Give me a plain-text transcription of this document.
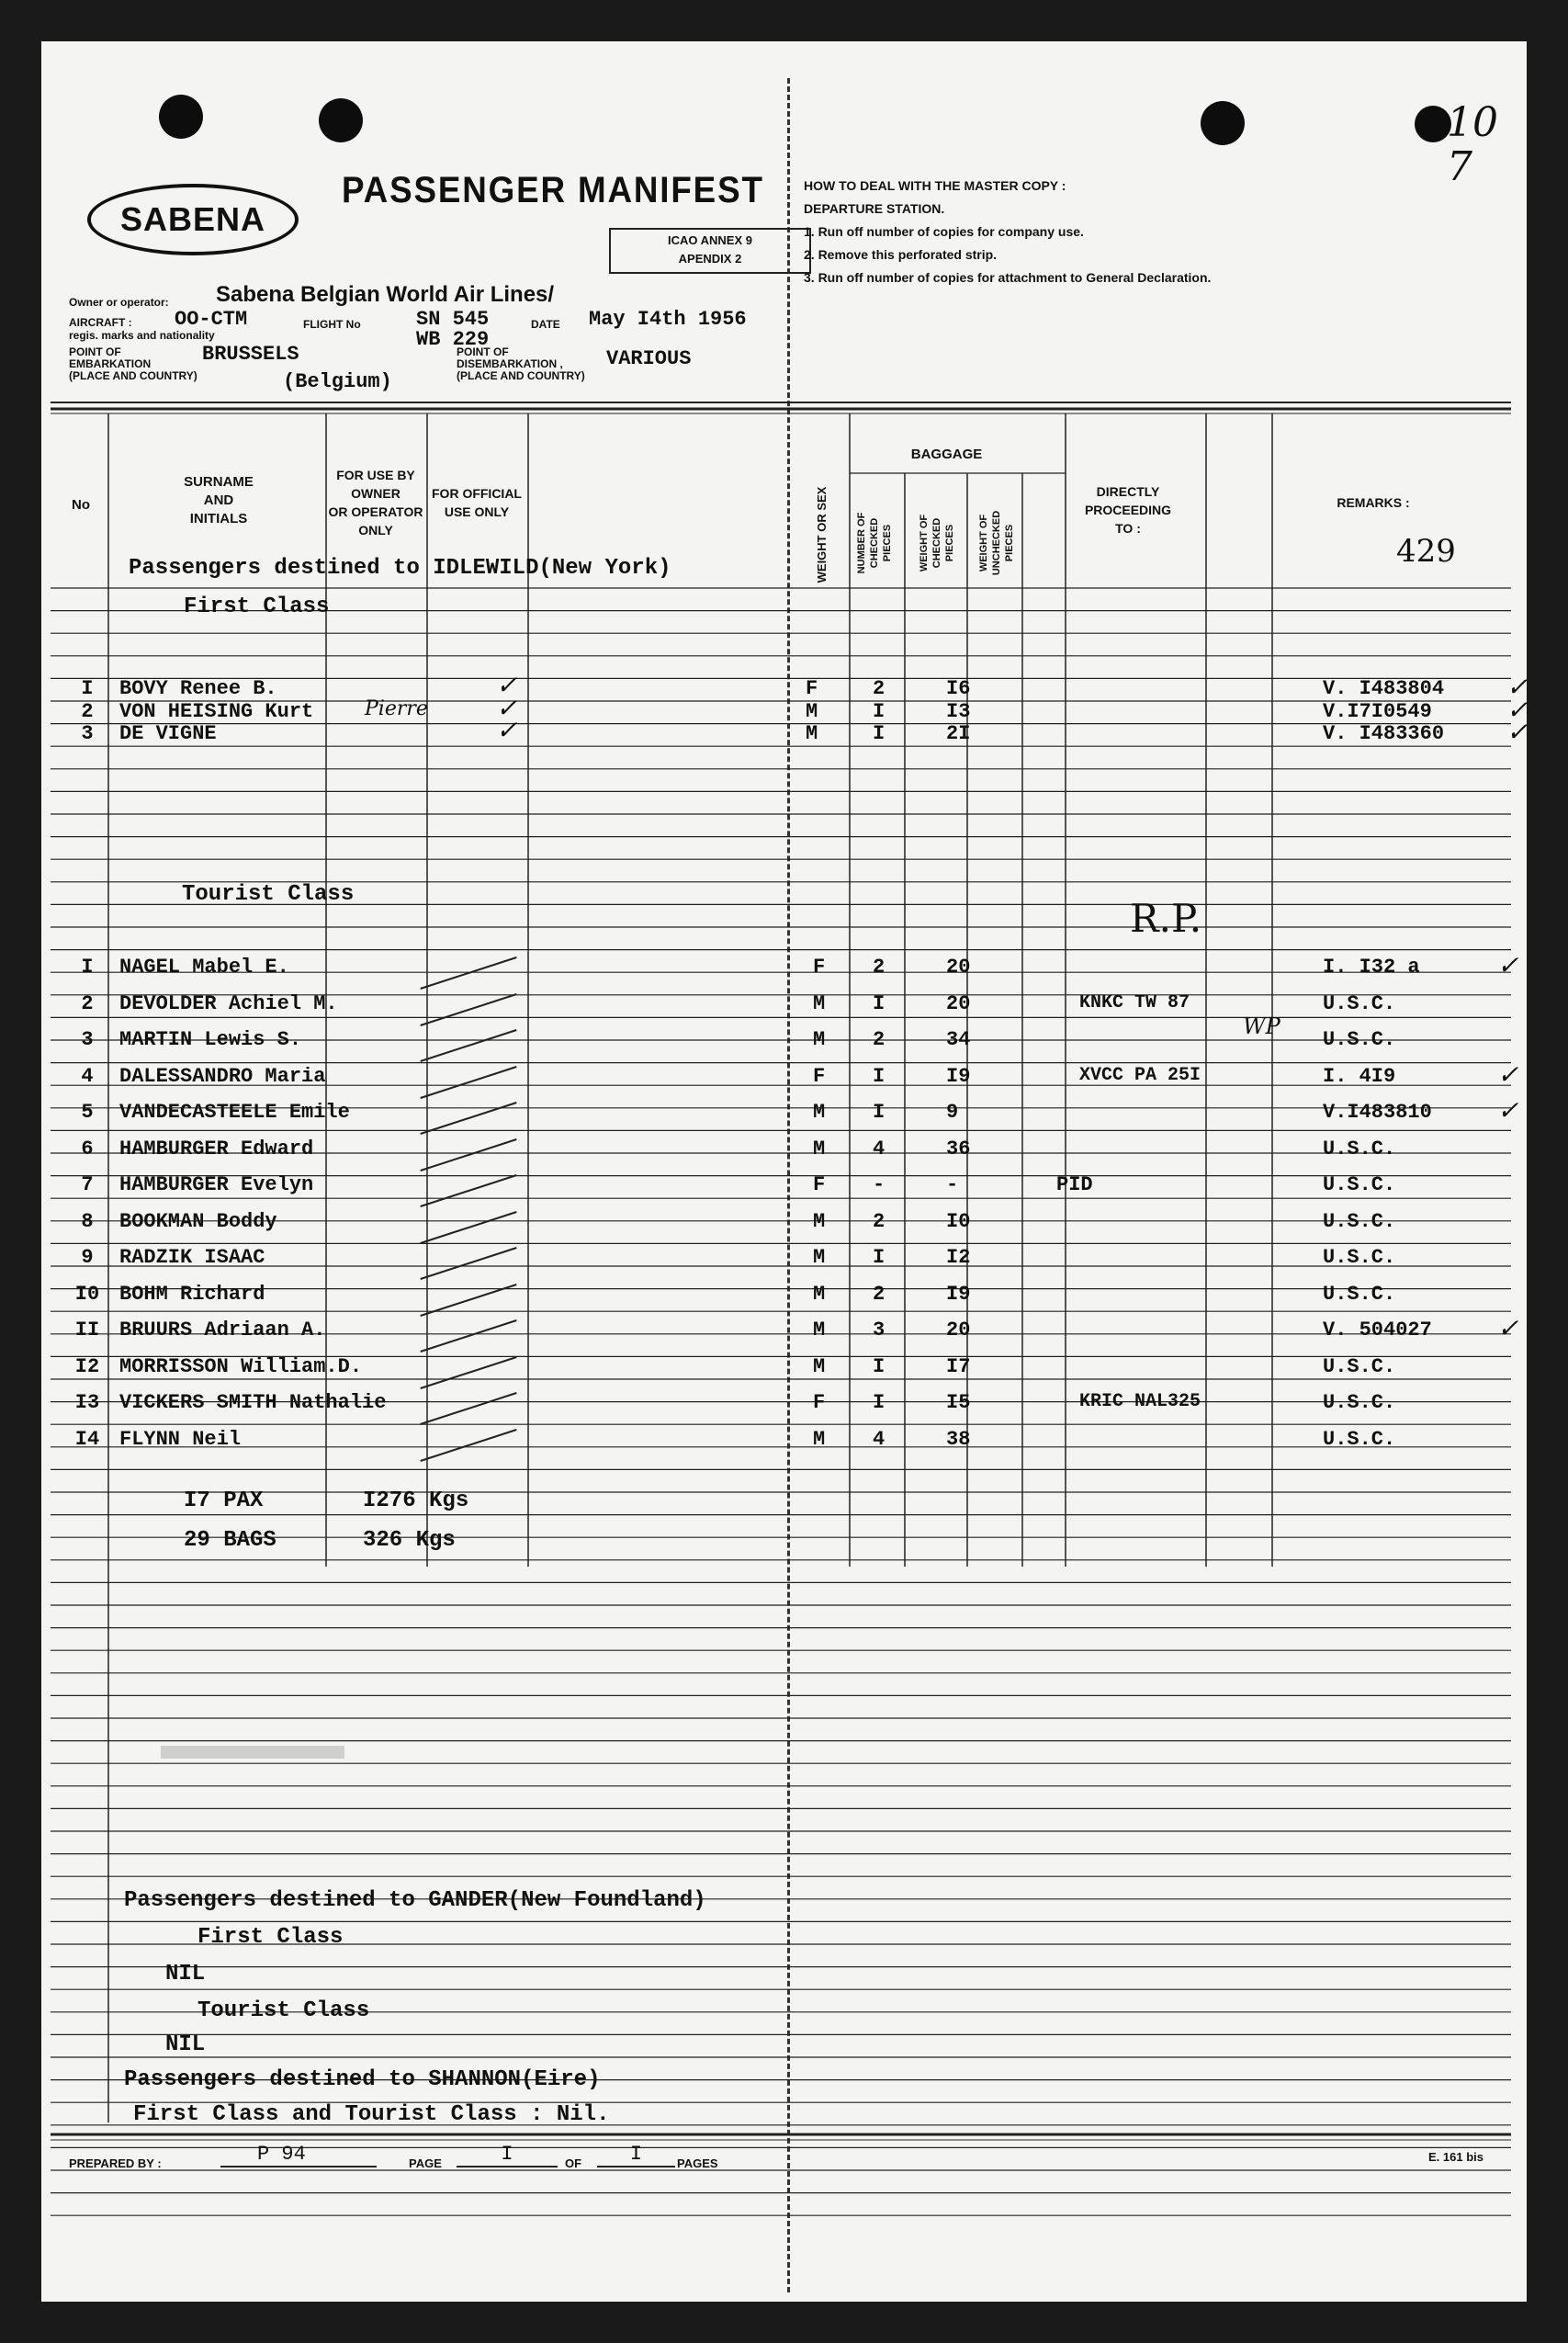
10
7
SABENA
PASSENGER MANIFEST
ICAO ANNEX 9
APENDIX 2
HOW TO DEAL WITH THE MASTER COPY :
DEPARTURE STATION.
1. Run off number of copies for company use.
2. Remove this perforated strip.
3. Run off number of copies for attachment to General Declaration.
Owner or operator: Sabena Belgian World Air Lines/
AIRCRAFT :
regis. marks and nationality
OO-CTM	FLIGHT No	SN 545
WB 229
DATE May I4th 1956
POINT OF
EMBARKATION
(PLACE AND COUNTRY)
BRUSSELS
(Belgium)
POINT OF
DISEMBARKATION ,
(PLACE AND COUNTRY)
VARIOUS
No
SURNAME
AND
INITIALS
FOR USE BY
OWNER
OR OPERATOR
ONLY
FOR OFFICIAL
USE ONLY	WEIGHT OR SEX
BAGGAGE
NUMBER OF
CHECKED
PIECES	WEIGHT OF
CHECKED
PIECES WEIGHT OF
UNCHECKED
PIECES
DIRECTLY
PROCEEDING
TO :
REMARKS :
429
Passengers destined to IDLEWILD(New York)
First Class
Pierre
Tourist Class
R.P.
WP
I7 PAX	I276 Kgs
29 BAGS	326 Kgs
Passengers destined to GANDER(New Foundland)
First Class
NIL
Tourist Class
NIL
Passengers destined to SHANNON(Eire)
First Class and Tourist Class : Nil.
PREPARED BY :	P 94	PAGE	I	OF	I	PAGES	E. 161 bis
I	BOVY Renee B.	F	2	I6	V. I483804
✓	✓
2	VON HEISING Kurt	M	I	I3	V.I7I0549
✓	✓
3	DE VIGNE	M	I	2I	V. I483360
✓	✓
I	NAGEL Mabel E.	F 2	20	I. I32 a	✓
2	DEVOLDER Achiel M.	M I	20	KNKC TW 87	U.S.C.
3	MARTIN Lewis S.	M 2	34	U.S.C.
4	DALESSANDRO Maria	F I	I9	XVCC PA 25I	I. 4I9	✓
5	VANDECASTEELE Emile	M I	9	V.I483810	✓
6	HAMBURGER Edward	M 4	36	U.S.C.
7	HAMBURGER Evelyn	F -	-	PID	U.S.C.
8	BOOKMAN Boddy	M 2	I0	U.S.C.
9	RADZIK ISAAC	M I	I2	U.S.C.
I0 BOHM Richard	M 2	I9	U.S.C.
II BRUURS Adriaan A.	M 3	20	V. 504027	✓
I2 MORRISSON William.D.	M I	I7	U.S.C.
I3 VICKERS SMITH Nathalie	F I	I5	KRIC NAL325	U.S.C.
I4 FLYNN Neil	M 4	38	U.S.C.
